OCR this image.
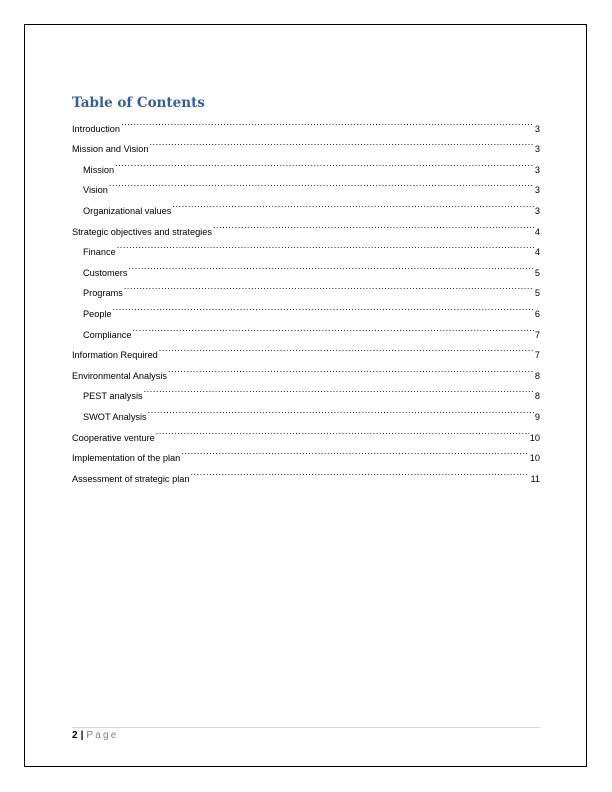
Table of Contents
Introduction .....	3
Mission and Vision .....	3
Mission .....	3
Vision .....	3
Organizational values .....	3
Strategic objectives and strategies .....	4
Finance .....	4
Customers .....	5
Programs .....	5
People .....	6
Compliance .....	7
Information Required .....	7
Environmental Analysis .....	8
PEST analysis .....	8
SWOT Analysis .....	9
Cooperative venture .....	10
Implementation of the plan .....	10
Assessment of strategic plan .....	11
2 | Page
